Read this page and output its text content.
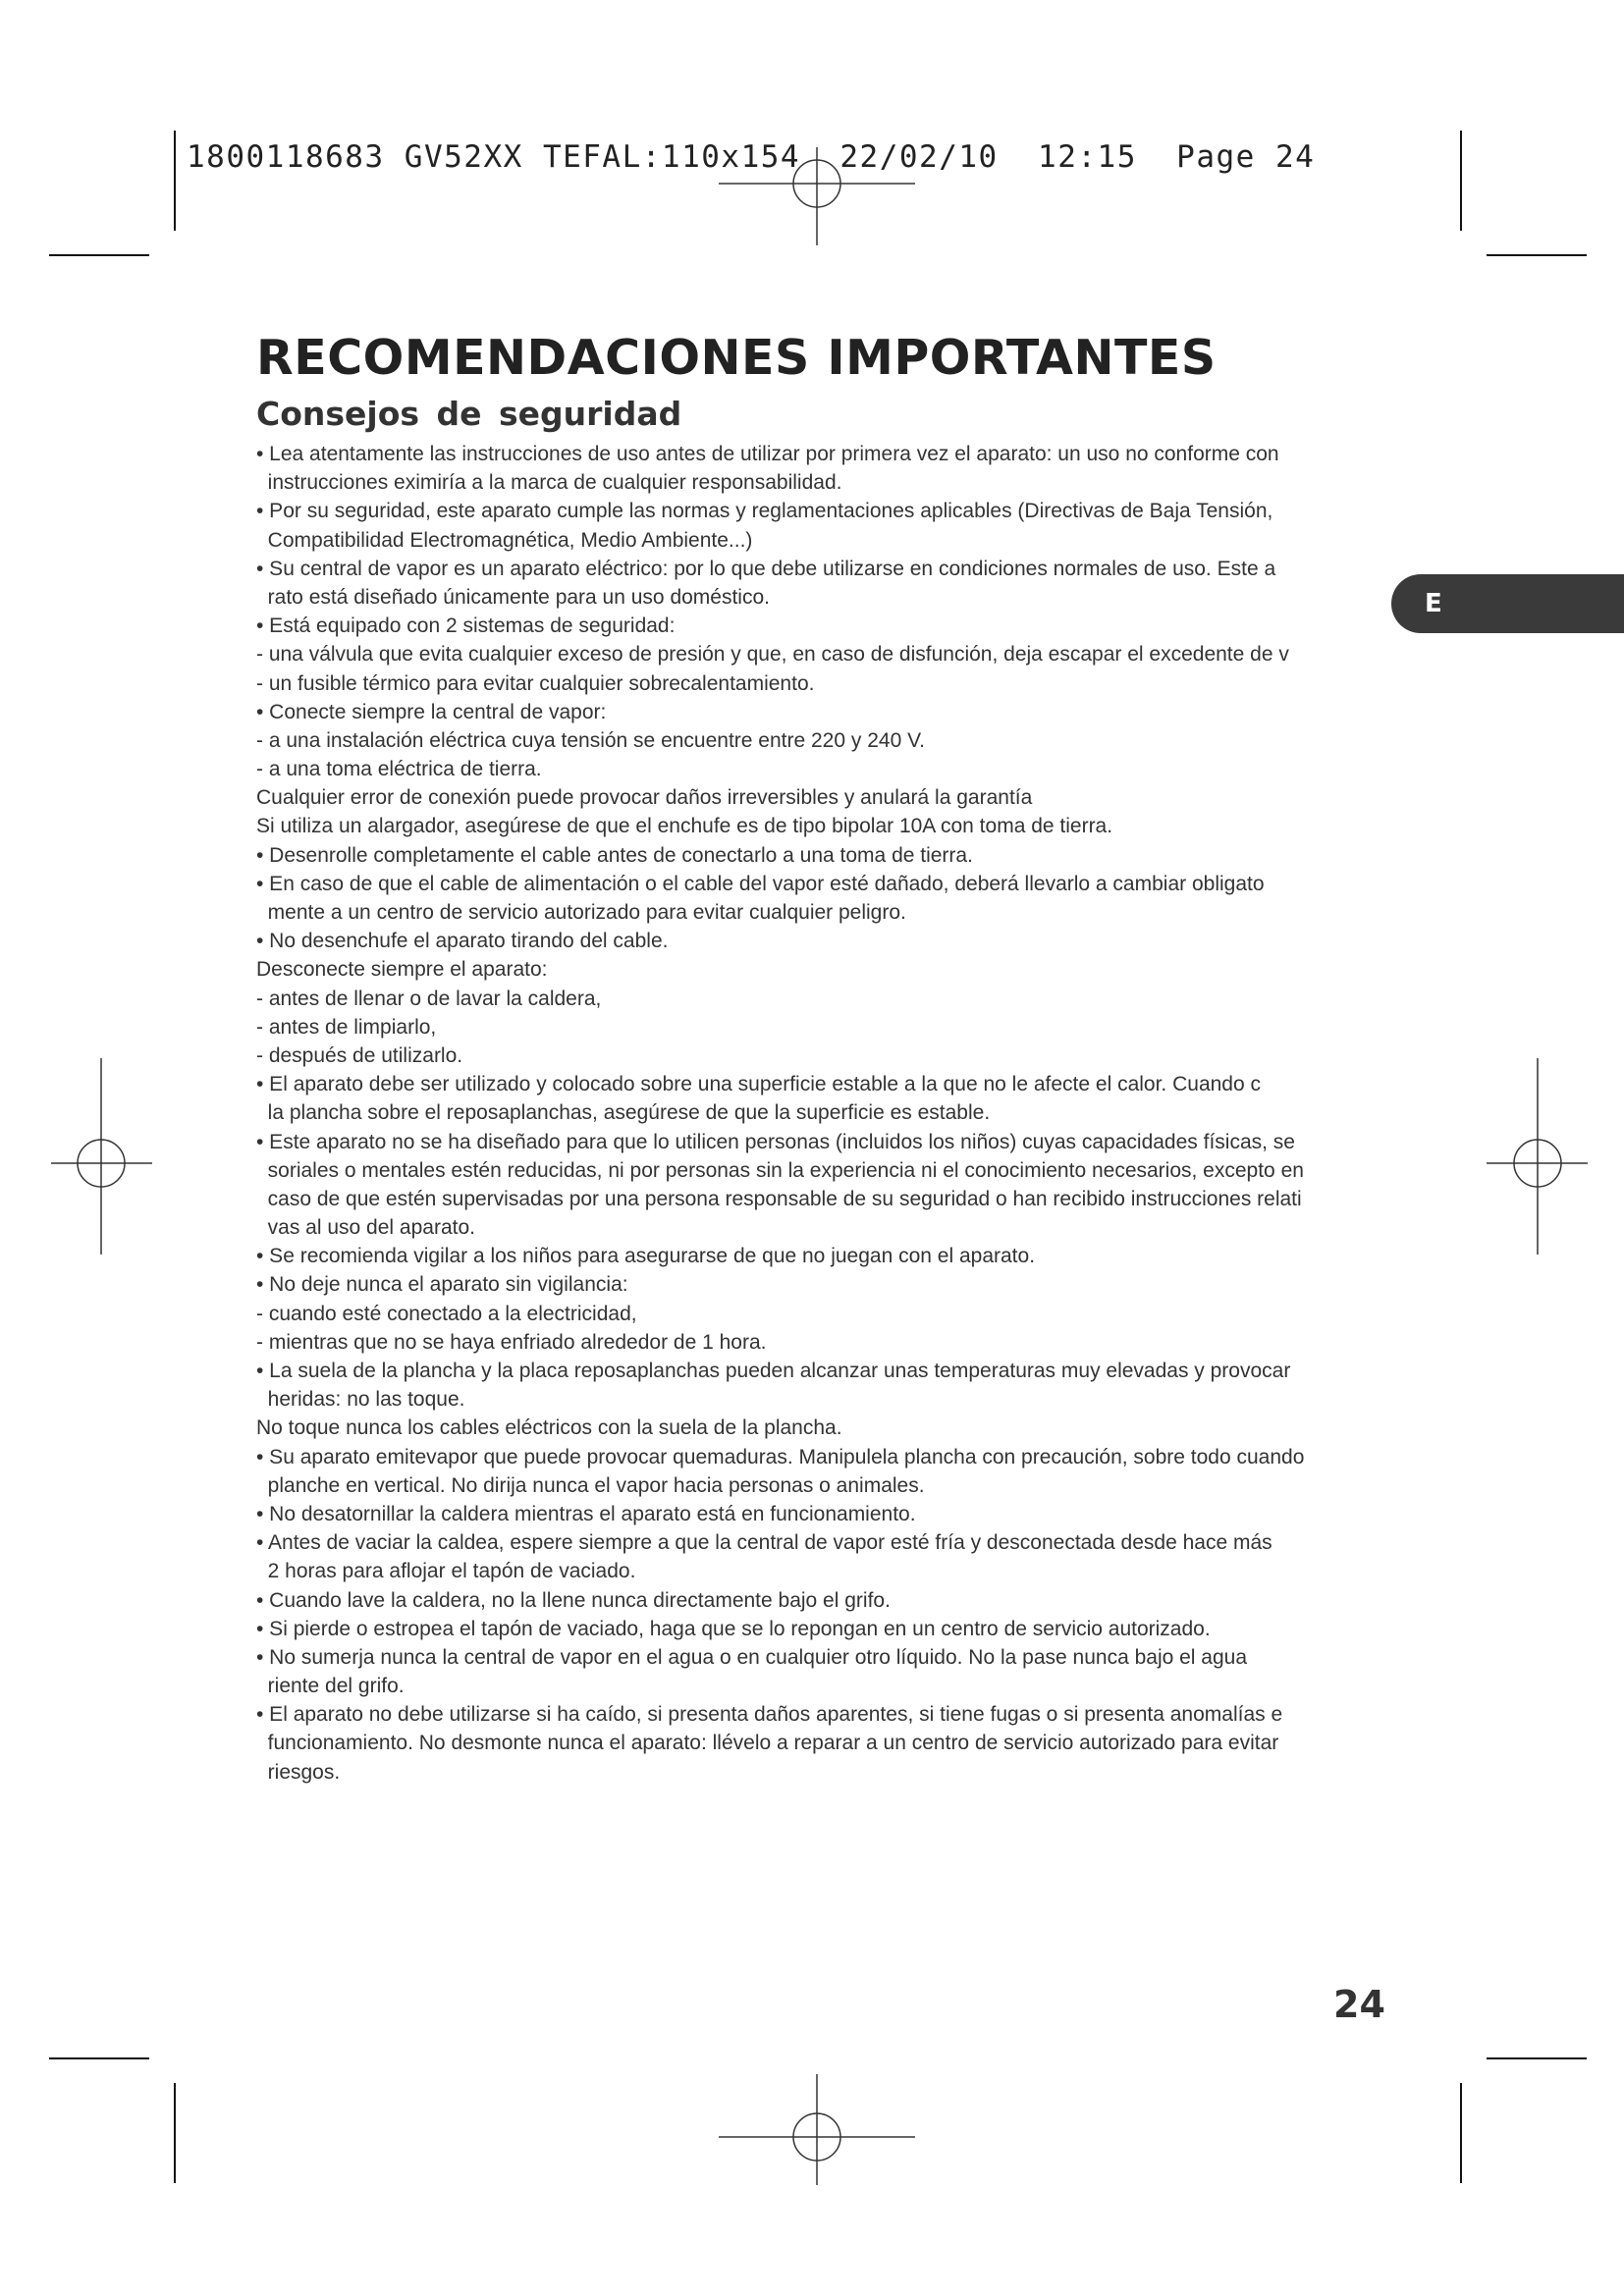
1800118683 GV52XX TEFAL:110x154  22/02/10  12:15  Page 24
RECOMENDACIONES IMPORTANTES
Consejos de seguridad
E
• Lea atentamente las instrucciones de uso antes de utilizar por primera vez el aparato: un uso no conforme con
instrucciones eximiría a la marca de cualquier responsabilidad.
• Por su seguridad, este aparato cumple las normas y reglamentaciones aplicables (Directivas de Baja Tensión,
Compatibilidad Electromagnética, Medio Ambiente...)
• Su central de vapor es un aparato eléctrico: por lo que debe utilizarse en condiciones normales de uso. Este a
rato está diseñado únicamente para un uso doméstico.
• Está equipado con 2 sistemas de seguridad:
- una válvula que evita cualquier exceso de presión y que, en caso de disfunción, deja escapar el excedente de v
- un fusible térmico para evitar cualquier sobrecalentamiento.
• Conecte siempre la central de vapor:
- a una instalación eléctrica cuya tensión se encuentre entre 220 y 240 V.
- a una toma eléctrica de tierra.
Cualquier error de conexión puede provocar daños irreversibles y anulará la garantía
Si utiliza un alargador, asegúrese de que el enchufe es de tipo bipolar 10A con toma de tierra.
• Desenrolle completamente el cable antes de conectarlo a una toma de tierra.
• En caso de que el cable de alimentación o el cable del vapor esté dañado, deberá llevarlo a cambiar obligato
mente a un centro de servicio autorizado para evitar cualquier peligro.
• No desenchufe el aparato tirando del cable.
Desconecte siempre el aparato:
- antes de llenar o de lavar la caldera,
- antes de limpiarlo,
- después de utilizarlo.
• El aparato debe ser utilizado y colocado sobre una superficie estable a la que no le afecte el calor. Cuando c
la plancha sobre el reposaplanchas, asegúrese de que la superficie es estable.
• Este aparato no se ha diseñado para que lo utilicen personas (incluidos los niños) cuyas capacidades físicas, se
soriales o mentales estén reducidas, ni por personas sin la experiencia ni el conocimiento necesarios, excepto en
caso de que estén supervisadas por una persona responsable de su seguridad o han recibido instrucciones relati
vas al uso del aparato.
• Se recomienda vigilar a los niños para asegurarse de que no juegan con el aparato.
• No deje nunca el aparato sin vigilancia:
- cuando esté conectado a la electricidad,
- mientras que no se haya enfriado alrededor de 1 hora.
• La suela de la plancha y la placa reposaplanchas pueden alcanzar unas temperaturas muy elevadas y provocar
heridas: no las toque.
No toque nunca los cables eléctricos con la suela de la plancha.
• Su aparato emitevapor que puede provocar quemaduras. Manipulela plancha con precaución, sobre todo cuando
planche en vertical. No dirija nunca el vapor hacia personas o animales.
• No desatornillar la caldera mientras el aparato está en funcionamiento.
• Antes de vaciar la caldea, espere siempre a que la central de vapor esté fría y desconectada desde hace más
2 horas para aflojar el tapón de vaciado.
• Cuando lave la caldera, no la llene nunca directamente bajo el grifo.
• Si pierde o estropea el tapón de vaciado, haga que se lo repongan en un centro de servicio autorizado.
• No sumerja nunca la central de vapor en el agua o en cualquier otro líquido. No la pase nunca bajo el agua
riente del grifo.
• El aparato no debe utilizarse si ha caído, si presenta daños aparentes, si tiene fugas o si presenta anomalías e
funcionamiento. No desmonte nunca el aparato: llévelo a reparar a un centro de servicio autorizado para evitar
riesgos.
24
